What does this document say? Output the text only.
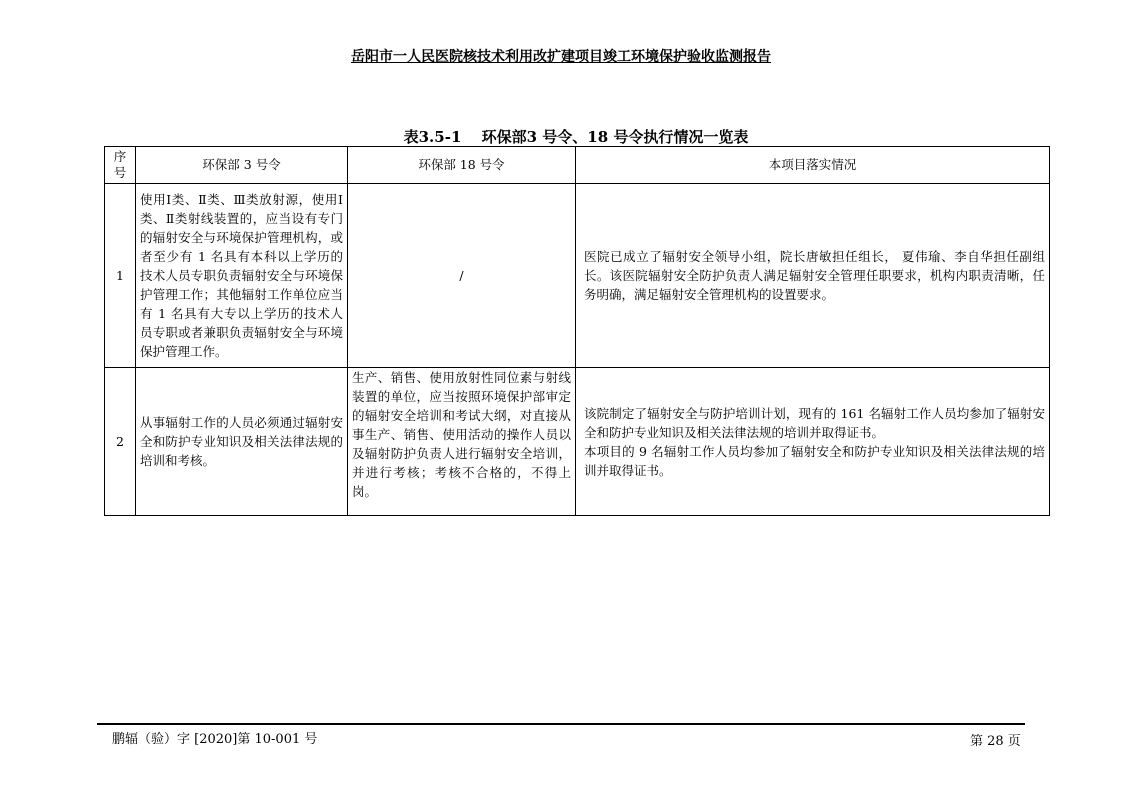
岳阳市一人民医院核技术利用改扩建项目竣工环境保护验收监测报告
表3.5-1　 环保部3 号令、18 号令执行情况一览表
序号	环保部 3 号令	环保部 18 号令	本项目落实情况
1	使用Ⅰ类、Ⅱ类、Ⅲ类放射源，使用Ⅰ类、Ⅱ类射线装置的，应当设有专门的辐射安全与环境保护管理机构，或者至少有 1 名具有本科以上学历的技术人员专职负责辐射安全与环境保护管理工作；其他辐射工作单位应当有 1 名具有大专以上学历的技术人员专职或者兼职负责辐射安全与环境保护管理工作。	/	医院已成立了辐射安全领导小组，院长唐敏担任组长， 夏伟瑜、李自华担任副组长。该医院辐射安全防护负责人满足辐射安全管理任职要求，机构内职责清晰，任务明确，满足辐射安全管理机构的设置要求。

2	从事辐射工作的人员必须通过辐射安全和防护专业知识及相关法律法规的培训和考核。	生产、销售、使用放射性同位素与射线装置的单位，应当按照环境保护部审定的辐射安全培训和考试大纲，对直接从事生产、销售、使用活动的操作人员以及辐射防护负责人进行辐射安全培训，并进行考核；考核不合格的，不得上岗。	该院制定了辐射安全与防护培训计划，现有的 161 名辐射工作人员均参加了辐射安全和防护专业知识及相关法律法规的培训并取得证书。
本项目的 9 名辐射工作人员均参加了辐射安全和防护专业知识及相关法律法规的培训并取得证书。
鹏辐（验）字 [2020]第 10-001 号	第 28 页
